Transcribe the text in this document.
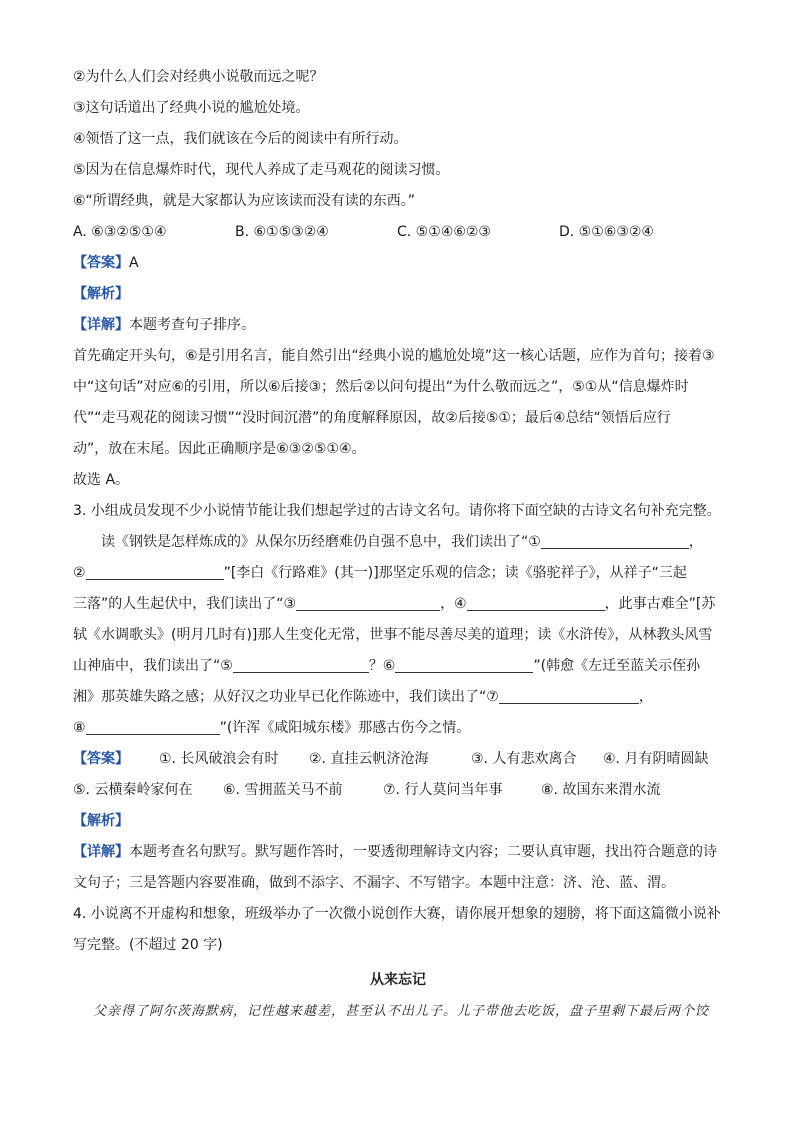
②为什么人们会对经典小说敬而远之呢？
③这句话道出了经典小说的尴尬处境。
④领悟了这一点，我们就该在今后的阅读中有所行动。
⑤因为在信息爆炸时代，现代人养成了走马观花的阅读习惯。
⑥“所谓经典，就是大家都认为应该读而没有读的东西。”
A. ⑥③②⑤①④	B. ⑥①⑤③②④	C. ⑤①④⑥②③	D. ⑤①⑥③②④
【答案】A
【解析】
【详解】本题考查句子排序。
首先确定开头句，⑥是引用名言，能自然引出“经典小说的尴尬处境”这一核心话题，应作为首句；接着③
中“这句话”对应⑥的引用，所以⑥后接③；然后②以问句提出“为什么敬而远之”，⑤①从“信息爆炸时
代”“走马观花的阅读习惯”“没时间沉潜”的角度解释原因，故②后接⑤①；最后④总结“领悟后应行
动”，放在末尾。因此正确顺序是⑥③②⑤①④。
故选 A。
3. 小组成员发现不少小说情节能让我们想起学过的古诗文名句。请你将下面空缺的古诗文名句补充完整。
读《钢铁是怎样炼成的》从保尔历经磨难仍自强不息中，我们读出了“①	，
②	”[李白《行路难》(其一)]那坚定乐观的信念；读《骆驼祥子》，从祥子“三起
三落”的人生起伏中，我们读出了“③	，④	，此事古难全”[苏
轼《水调歌头》(明月几时有)]那人生变化无常，世事不能尽善尽美的道理；读《水浒传》，从林教头风雪
山神庙中，我们读出了“⑤	？⑥	”(韩愈《左迁至蓝关示侄孙
湘》那英雄失路之感；从好汉之功业早已化作陈迹中，我们读出了“⑦	，
⑧	”(许浑《咸阳城东楼》那感古伤今之情。
【答案】	①. 长风破浪会有时	②. 直挂云帆济沧海	③. 人有悲欢离合	④. 月有阴晴圆缺
⑤. 云横秦岭家何在	⑥. 雪拥蓝关马不前	⑦. 行人莫问当年事	⑧. 故国东来渭水流
【解析】
【详解】本题考查名句默写。默写题作答时，一要透彻理解诗文内容；二要认真审题，找出符合题意的诗
文句子；三是答题内容要准确，做到不添字、不漏字、不写错字。本题中注意：济、沧、蓝、渭。
4. 小说离不开虚构和想象，班级举办了一次微小说创作大赛，请你展开想象的翅膀，将下面这篇微小说补
写完整。(不超过 20 字)
从来忘记
父亲得了阿尔茨海默病，记性越来越差，甚至认不出儿子。儿子带他去吃饭，盘子里剩下最后两个饺
